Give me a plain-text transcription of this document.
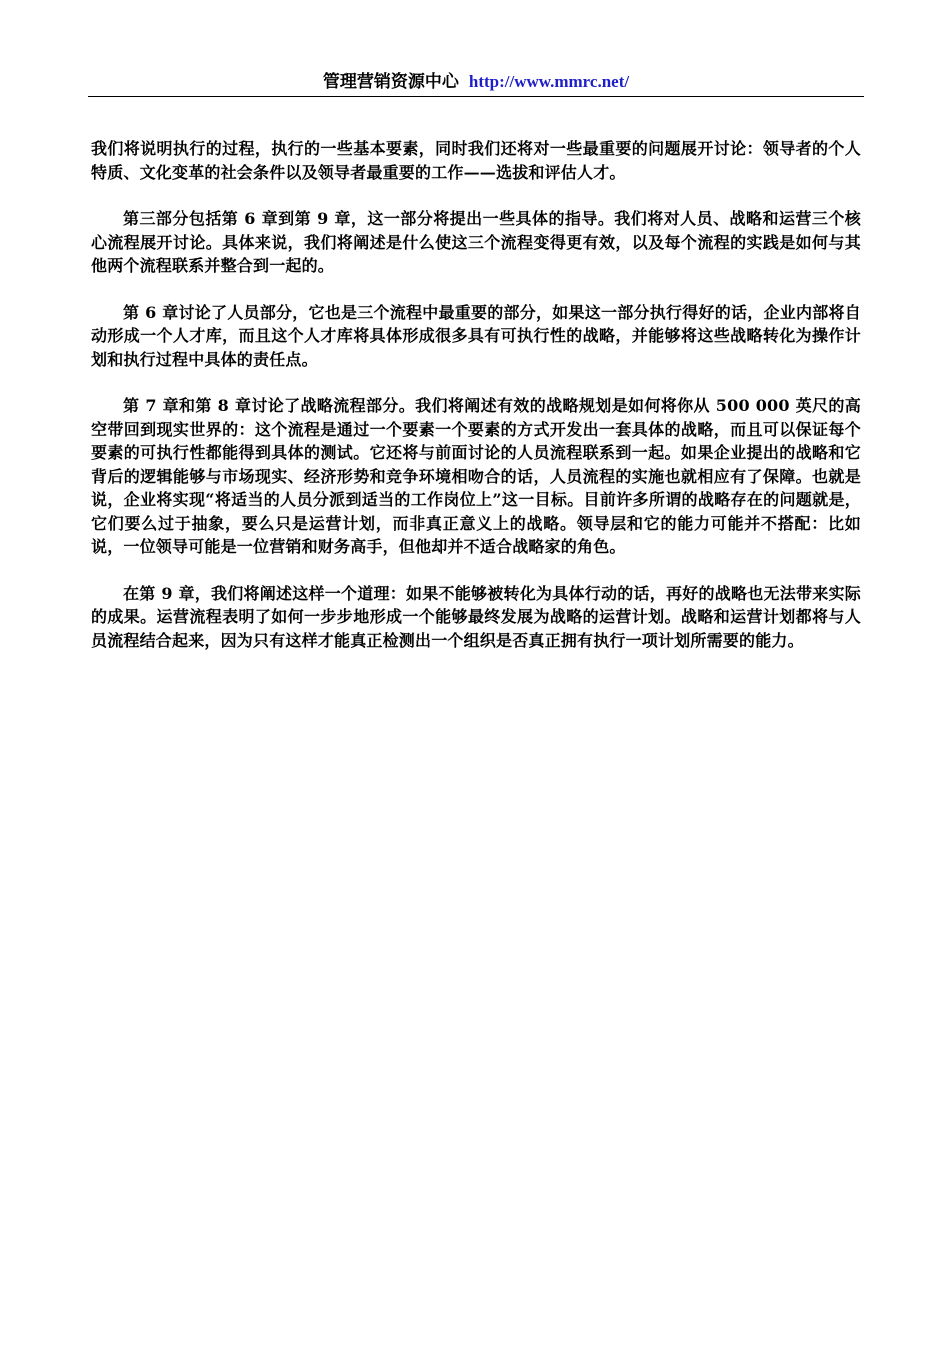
管理营销资源中心 http://www.mmrc.net/

我们将说明执行的过程，执行的一些基本要素，同时我们还将对一些最重要的问题展开讨论：领导者的个人特质、文化变革的社会条件以及领导者最重要的工作——选拔和评估人才。

第三部分包括第 6 章到第 9 章，这一部分将提出一些具体的指导。我们将对人员、战略和运营三个核心流程展开讨论。具体来说，我们将阐述是什么使这三个流程变得更有效，以及每个流程的实践是如何与其他两个流程联系并整合到一起的。

第 6 章讨论了人员部分，它也是三个流程中最重要的部分，如果这一部分执行得好的话，企业内部将自动形成一个人才库，而且这个人才库将具体形成很多具有可执行性的战略，并能够将这些战略转化为操作计划和执行过程中具体的责任点。

第 7 章和第 8 章讨论了战略流程部分。我们将阐述有效的战略规划是如何将你从 500 000 英尺的高空带回到现实世界的：这个流程是通过一个要素一个要素的方式开发出一套具体的战略，而且可以保证每个要素的可执行性都能得到具体的测试。它还将与前面讨论的人员流程联系到一起。如果企业提出的战略和它背后的逻辑能够与市场现实、经济形势和竞争环境相吻合的话，人员流程的实施也就相应有了保障。也就是说，企业将实现“将适当的人员分派到适当的工作岗位上”这一目标。目前许多所谓的战略存在的问题就是，它们要么过于抽象，要么只是运营计划，而非真正意义上的战略。领导层和它的能力可能并不搭配：比如说，一位领导可能是一位营销和财务高手，但他却并不适合战略家的角色。

在第 9 章，我们将阐述这样一个道理：如果不能够被转化为具体行动的话，再好的战略也无法带来实际的成果。运营流程表明了如何一步步地形成一个能够最终发展为战略的运营计划。战略和运营计划都将与人员流程结合起来，因为只有这样才能真正检测出一个组织是否真正拥有执行一项计划所需要的能力。
